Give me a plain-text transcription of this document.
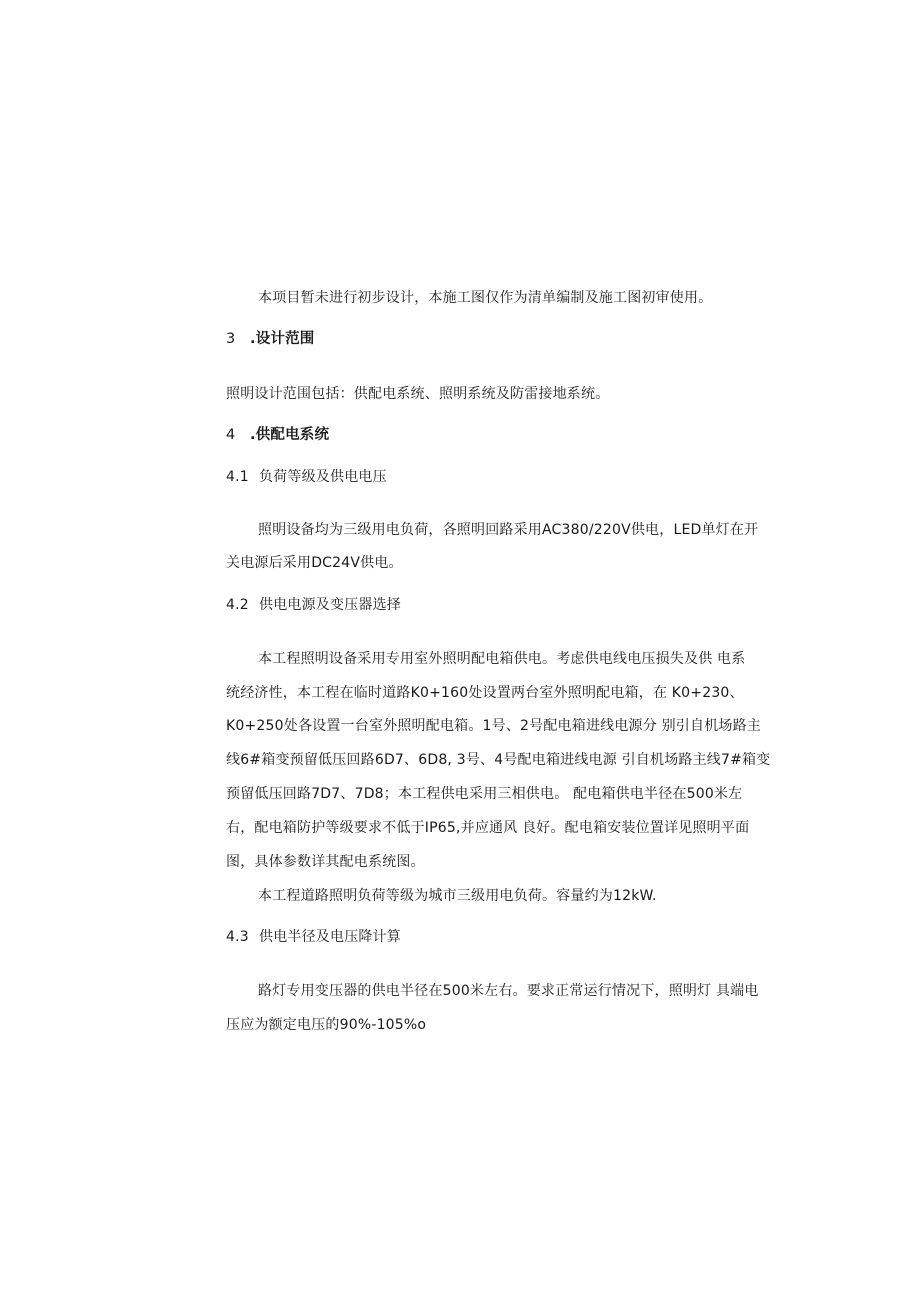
本项目暂未进行初步设计，本施工图仅作为清单编制及施工图初审使用。
3 .设计范围
照明设计范围包括：供配电系统、照明系统及防雷接地系统。
4 .供配电系统
4.1 负荷等级及供电电压
照明设备均为三级用电负荷，各照明回路采用AC380/220V供电，LED单灯在开
关电源后采用DC24V供电。
4.2 供电电源及变压器选择
本工程照明设备采用专用室外照明配电箱供电。考虑供电线电压损失及供 电系
统经济性，本工程在临时道路K0+160处设置两台室外照明配电箱，在 K0+230、
K0+250处各设置一台室外照明配电箱。1号、2号配电箱进线电源分 别引自机场路主
线6#箱变预留低压回路6D7、6D8, 3号、4号配电箱进线电源 引自机场路主线7#箱变
预留低压回路7D7、7D8；本工程供电采用三相供电。 配电箱供电半径在500米左
右，配电箱防护等级要求不低于IP65,并应通风 良好。配电箱安装位置详见照明平面
图，具体参数详其配电系统图。
本工程道路照明负荷等级为城市三级用电负荷。容量约为12kW.
4.3 供电半径及电压降计算
路灯专用变压器的供电半径在500米左右。要求正常运行情况下，照明灯 具端电
压应为额定电压的90%-105%o
